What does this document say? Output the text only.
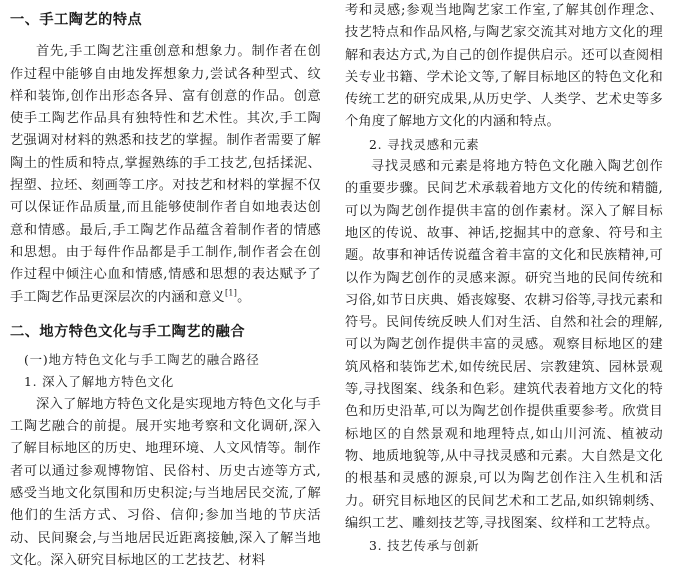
一、手工陶艺的特点

首先,手工陶艺注重创意和想象力。制作者在创作过程中能够自由地发挥想象力,尝试各种型式、纹样和装饰,创作出形态各异、富有创意的作品。创意使手工陶艺作品具有独特性和艺术性。其次,手工陶艺强调对材料的熟悉和技艺的掌握。制作者需要了解陶土的性质和特点,掌握熟练的手工技艺,包括揉泥、捏塑、拉坯、刻画等工序。对技艺和材料的掌握不仅可以保证作品质量,而且能够使制作者自如地表达创意和情感。最后,手工陶艺作品蕴含着制作者的情感和思想。由于每件作品都是手工制作,制作者会在创作过程中倾注心血和情感,情感和思想的表达赋予了手工陶艺作品更深层次的内涵和意义[1]。

二、地方特色文化与手工陶艺的融合

(一)地方特色文化与手工陶艺的融合路径

1. 深入了解地方特色文化

深入了解地方特色文化是实现地方特色文化与手工陶艺融合的前提。展开实地考察和文化调研,深入了解目标地区的历史、地理环境、人文风情等。制作者可以通过参观博物馆、民俗村、历史古迹等方式,感受当地文化氛围和历史积淀;与当地居民交流,了解他们的生活方式、习俗、信仰;参加当地的节庆活动、民间聚会,与当地居民近距离接触,深入了解当地文化。深入研究目标地区的工艺技艺、材料

考和灵感;参观当地陶艺家工作室,了解其创作理念、技艺特点和作品风格,与陶艺家交流其对地方文化的理解和表达方式,为自己的创作提供启示。还可以查阅相关专业书籍、学术论文等,了解目标地区的特色文化和传统工艺的研究成果,从历史学、人类学、艺术史等多个角度了解地方文化的内涵和特点。

2. 寻找灵感和元素

寻找灵感和元素是将地方特色文化融入陶艺创作的重要步骤。民间艺术承载着地方文化的传统和精髓,可以为陶艺创作提供丰富的创作素材。深入了解目标地区的传说、故事、神话,挖掘其中的意象、符号和主题。故事和神话传说蕴含着丰富的文化和民族精神,可以作为陶艺创作的灵感来源。研究当地的民间传统和习俗,如节日庆典、婚丧嫁娶、农耕习俗等,寻找元素和符号。民间传统反映人们对生活、自然和社会的理解,可以为陶艺创作提供丰富的灵感。观察目标地区的建筑风格和装饰艺术,如传统民居、宗教建筑、园林景观等,寻找图案、线条和色彩。建筑代表着地方文化的特色和历史沿革,可以为陶艺创作提供重要参考。欣赏目标地区的自然景观和地理特点,如山川河流、植被动物、地质地貌等,从中寻找灵感和元素。大自然是文化的根基和灵感的源泉,可以为陶艺创作注入生机和活力。研究目标地区的民间艺术和工艺品,如织锦刺绣、编织工艺、雕刻技艺等,寻找图案、纹样和工艺特点。

3. 技艺传承与创新
